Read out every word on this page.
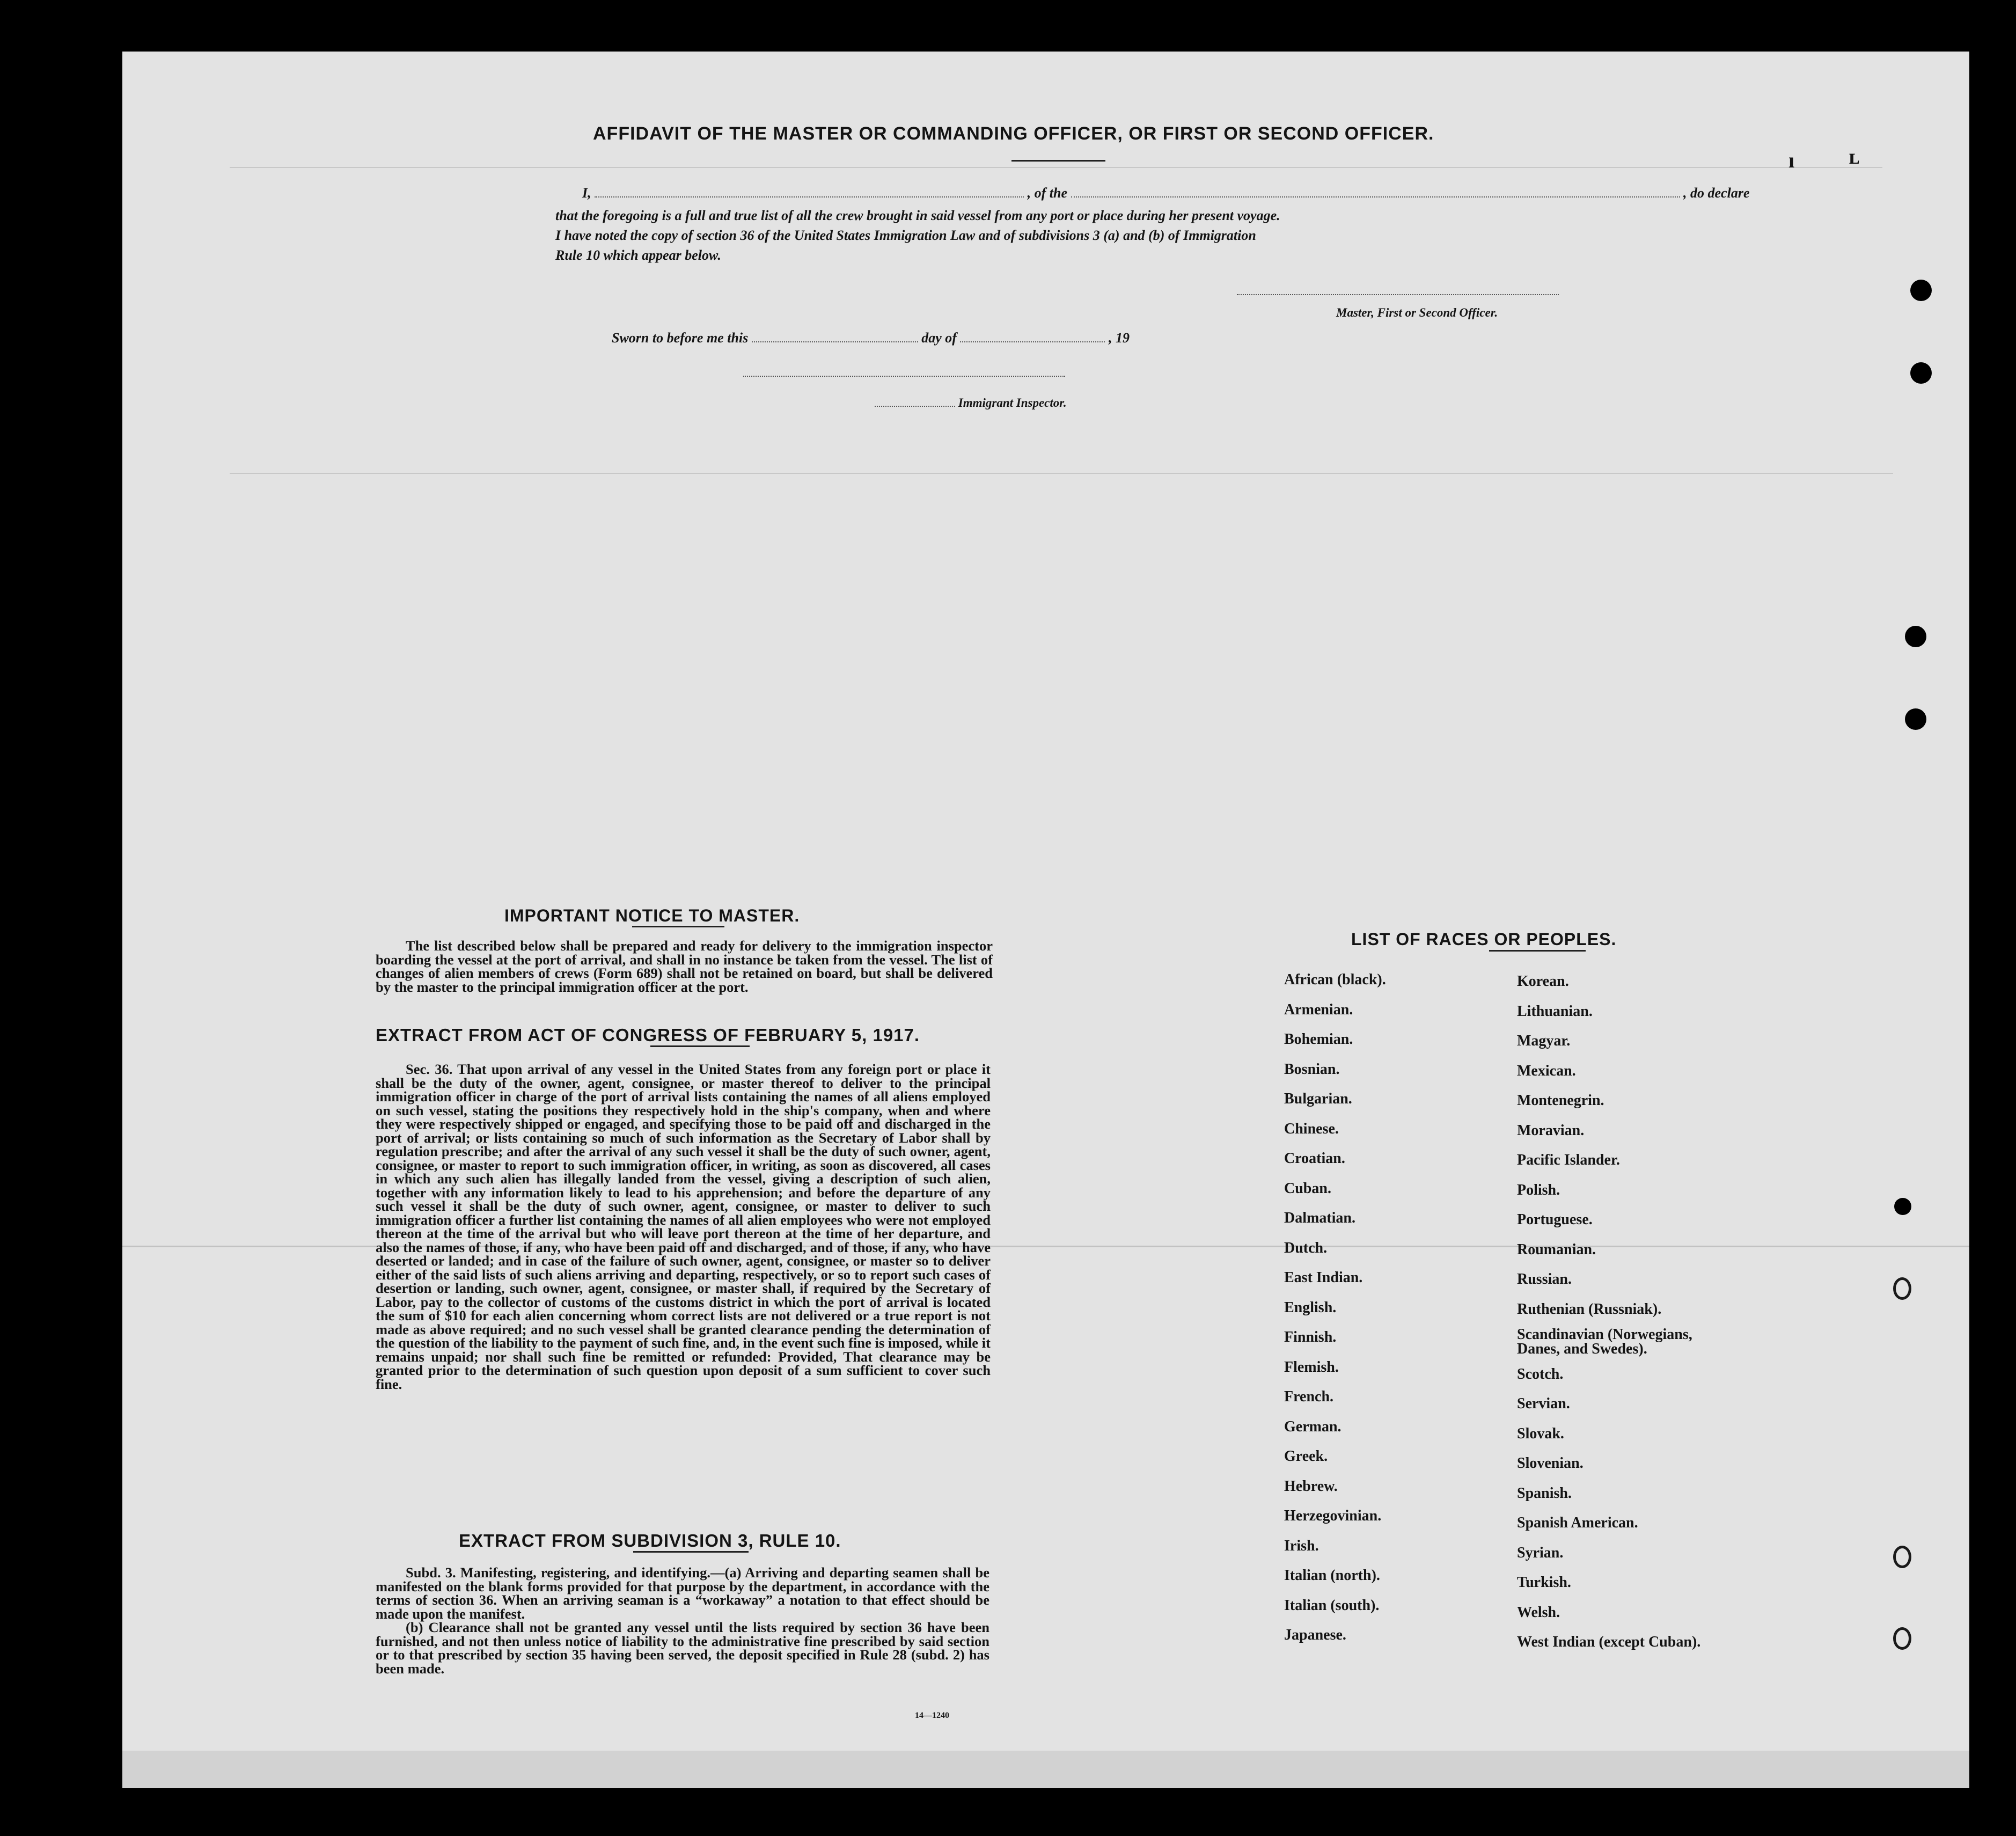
AFFIDAVIT OF THE MASTER OR COMMANDING OFFICER, OR FIRST OR SECOND OFFICER.
I,	, of the	, do declare
that the foregoing is a full and true list of all the crew brought in said vessel from any port or place during her present voyage.
I have noted the copy of section 36 of the United States Immigration Law and of subdivisions 3 (a) and (b) of Immigration
Rule 10 which appear below.
Master, First or Second Officer.
Sworn to before me this	day of	, 19
Immigrant Inspector.
IMPORTANT NOTICE TO MASTER.

The list described below shall be prepared and ready for delivery to the immigration inspector boarding the vessel at the port of arrival, and shall in no instance be taken from the vessel. The list of changes of alien members of crews (Form 689) shall not be retained on board, but shall be delivered by the master to the principal immigration officer at the port.

EXTRACT FROM ACT OF CONGRESS OF FEBRUARY 5, 1917.

Sec. 36. That upon arrival of any vessel in the United States from any foreign port or place it shall be the duty of the owner, agent, consignee, or master thereof to deliver to the principal immigration officer in charge of the port of arrival lists containing the names of all aliens employed on such vessel, stating the positions they respectively hold in the ship's company, when and where they were respectively shipped or engaged, and specifying those to be paid off and discharged in the port of arrival; or lists containing so much of such information as the Secretary of Labor shall by regulation prescribe; and after the arrival of any such vessel it shall be the duty of such owner, agent, consignee, or master to report to such immigration officer, in writing, as soon as discovered, all cases in which any such alien has illegally landed from the vessel, giving a description of such alien, together with any information likely to lead to his apprehension; and before the departure of any such vessel it shall be the duty of such owner, agent, consignee, or master to deliver to such immigration officer a further list containing the names of all alien employees who were not employed thereon at the time of the arrival but who will leave port thereon at the time of her departure, and also the names of those, if any, who have been paid off and discharged, and of those, if any, who have deserted or landed; and in case of the failure of such owner, agent, consignee, or master so to deliver either of the said lists of such aliens arriving and departing, respectively, or so to report such cases of desertion or landing, such owner, agent, consignee, or master shall, if required by the Secretary of Labor, pay to the collector of customs of the customs district in which the port of arrival is located the sum of $10 for each alien concerning whom correct lists are not delivered or a true report is not made as above required; and no such vessel shall be granted clearance pending the determination of the question of the liability to the payment of such fine, and, in the event such fine is imposed, while it remains unpaid; nor shall such fine be remitted or refunded: Provided, That clearance may be granted prior to the determination of such question upon deposit of a sum sufficient to cover such fine.

EXTRACT FROM SUBDIVISION 3, RULE 10.

Subd. 3. Manifesting, registering, and identifying.—(a) Arriving and departing seamen shall be manifested on the blank forms provided for that purpose by the department, in accordance with the terms of section 36. When an arriving seaman is a “workaway” a notation to that effect should be made upon the manifest.

(b) Clearance shall not be granted any vessel until the lists required by section 36 have been furnished, and not then unless notice of liability to the administrative fine prescribed by said section or to that prescribed by section 35 having been served, the deposit specified in Rule 28 (subd. 2) has been made.

14—1240
LIST OF RACES OR PEOPLES.
African (black).
Armenian.
Bohemian.
Bosnian.
Bulgarian.
Chinese.
Croatian.
Cuban.
Dalmatian.
Dutch.
East Indian.
English.
Finnish.
Flemish.
French.
German.
Greek.
Hebrew.
Herzegovinian.
Irish.
Italian (north).
Italian (south).
Japanese.
Korean.
Lithuanian.
Magyar.
Mexican.
Montenegrin.
Moravian.
Pacific Islander.
Polish.
Portuguese.
Roumanian.
Russian.
Ruthenian (Russniak).
Scandinavian (Norwegians,
Danes, and Swedes).
Scotch.
Servian.
Slovak.
Slovenian.
Spanish.
Spanish American.
Syrian.
Turkish.
Welsh.
West Indian (except Cuban).
ı	ʟ
